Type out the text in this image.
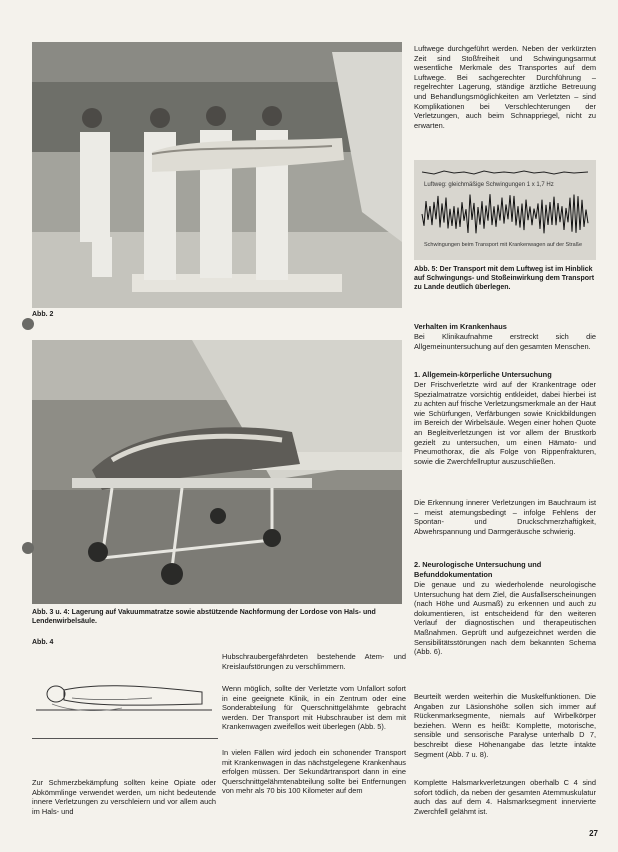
Abb. 2

Abb. 3 u. 4: Lagerung auf Vakuummatratze sowie abstützende Nachformung der Lordose von Hals- und Lendenwirbelsäule.

Abb. 4

Zur Schmerzbekämpfung sollten keine Opiate oder Abkömmlinge verwendet werden, um nicht bedeutende innere Verletzungen zu verschleiern und vor allem auch im Hals- und

Hubschraubergefährdeten bestehende Atem- und Kreislaufstörungen zu verschlimmern.

Wenn möglich, sollte der Verletzte vom Unfallort sofort in eine geeignete Klinik, in ein Zentrum oder eine Sonderabteilung für Querschnittgelähmte gebracht werden. Der Transport mit Hubschrauber ist dem mit Krankenwagen zweifellos weit überlegen (Abb. 5).

In vielen Fällen wird jedoch ein schonender Transport mit Krankenwagen in das nächstgelegene Krankenhaus erfolgen müssen. Der Sekundärtransport dann in eine Querschnittgelähmtenabteilung sollte bei Entfernungen von mehr als 70 bis 100 Kilometer auf dem

Luftwege durchgeführt werden. Neben der verkürzten Zeit sind Stoßfreiheit und Schwingungsarmut wesentliche Merkmale des Transportes auf dem Luftwege. Bei sachgerechter Durchführung – regelrechter Lagerung, ständige ärztliche Betreuung und Behandlungsmöglichkeiten am Verletzten – sind Komplikationen bei Verschlechterungen der Verletzungen, auch beim Schnappriegel, nicht zu erwarten.

Luftweg: gleichmäßige Schwingungen 1 x 1,7 Hz
Schwingungen beim Transport mit Krankenwagen auf der Straße

Abb. 5: Der Transport mit dem Luftweg ist im Hinblick auf Schwingungs- und Stoßeinwirkung dem Transport zu Lande deutlich überlegen.

Verhalten im Krankenhaus

Bei Klinikaufnahme erstreckt sich die Allgemeinuntersuchung auf den gesamten Menschen.

1. Allgemein-körperliche Untersuchung

Der Frischverletzte wird auf der Krankentrage oder Spezialmatratze vorsichtig entkleidet, dabei hierbei ist zu achten auf frische Verletzungsmerkmale an der Haut wie Schürfungen, Verfärbungen sowie Knickbildungen im Bereich der Wirbelsäule. Wegen einer hohen Quote an Begleitverletzungen ist vor allem der Brustkorb gezielt zu untersuchen, um einen Hämato- und Pneumothorax, die als Folge von Rippenfrakturen, sowie die Zwerchfellruptur auszuschließen.

Die Erkennung innerer Verletzungen im Bauchraum ist – meist atemungsbedingt – infolge Fehlens der Spontan- und Druckschmerzhaftigkeit, Abwehrspannung und Darmgeräusche schwierig.

2. Neurologische Untersuchung und Befunddokumentation

Die genaue und zu wiederholende neurologische Untersuchung hat dem Ziel, die Ausfallserscheinungen (nach Höhe und Ausmaß) zu erkennen und auch zu dokumentieren, ist entscheidend für den weiteren Verlauf der diagnostischen und therapeutischen Maßnahmen. Geprüft und aufgezeichnet werden die Sensibilitätsstörungen nach dem bekannten Schema (Abb. 6).

Beurteilt werden weiterhin die Muskelfunktionen. Die Angaben zur Läsionshöhe sollen sich immer auf Rückenmarksegmente, niemals auf Wirbelkörper beziehen. Wenn es heißt: Komplette, motorische, sensible und sensorische Paralyse unterhalb D 7, beschreibt diese Höhenangabe das letzte intakte Segment (Abb. 7 u. 8).

Komplette Halsmarkverletzungen oberhalb C 4 sind sofort tödlich, da neben der gesamten Atemmuskulatur auch das auf dem 4. Halsmarksegment innervierte Zwerchfell gelähmt ist.

27
